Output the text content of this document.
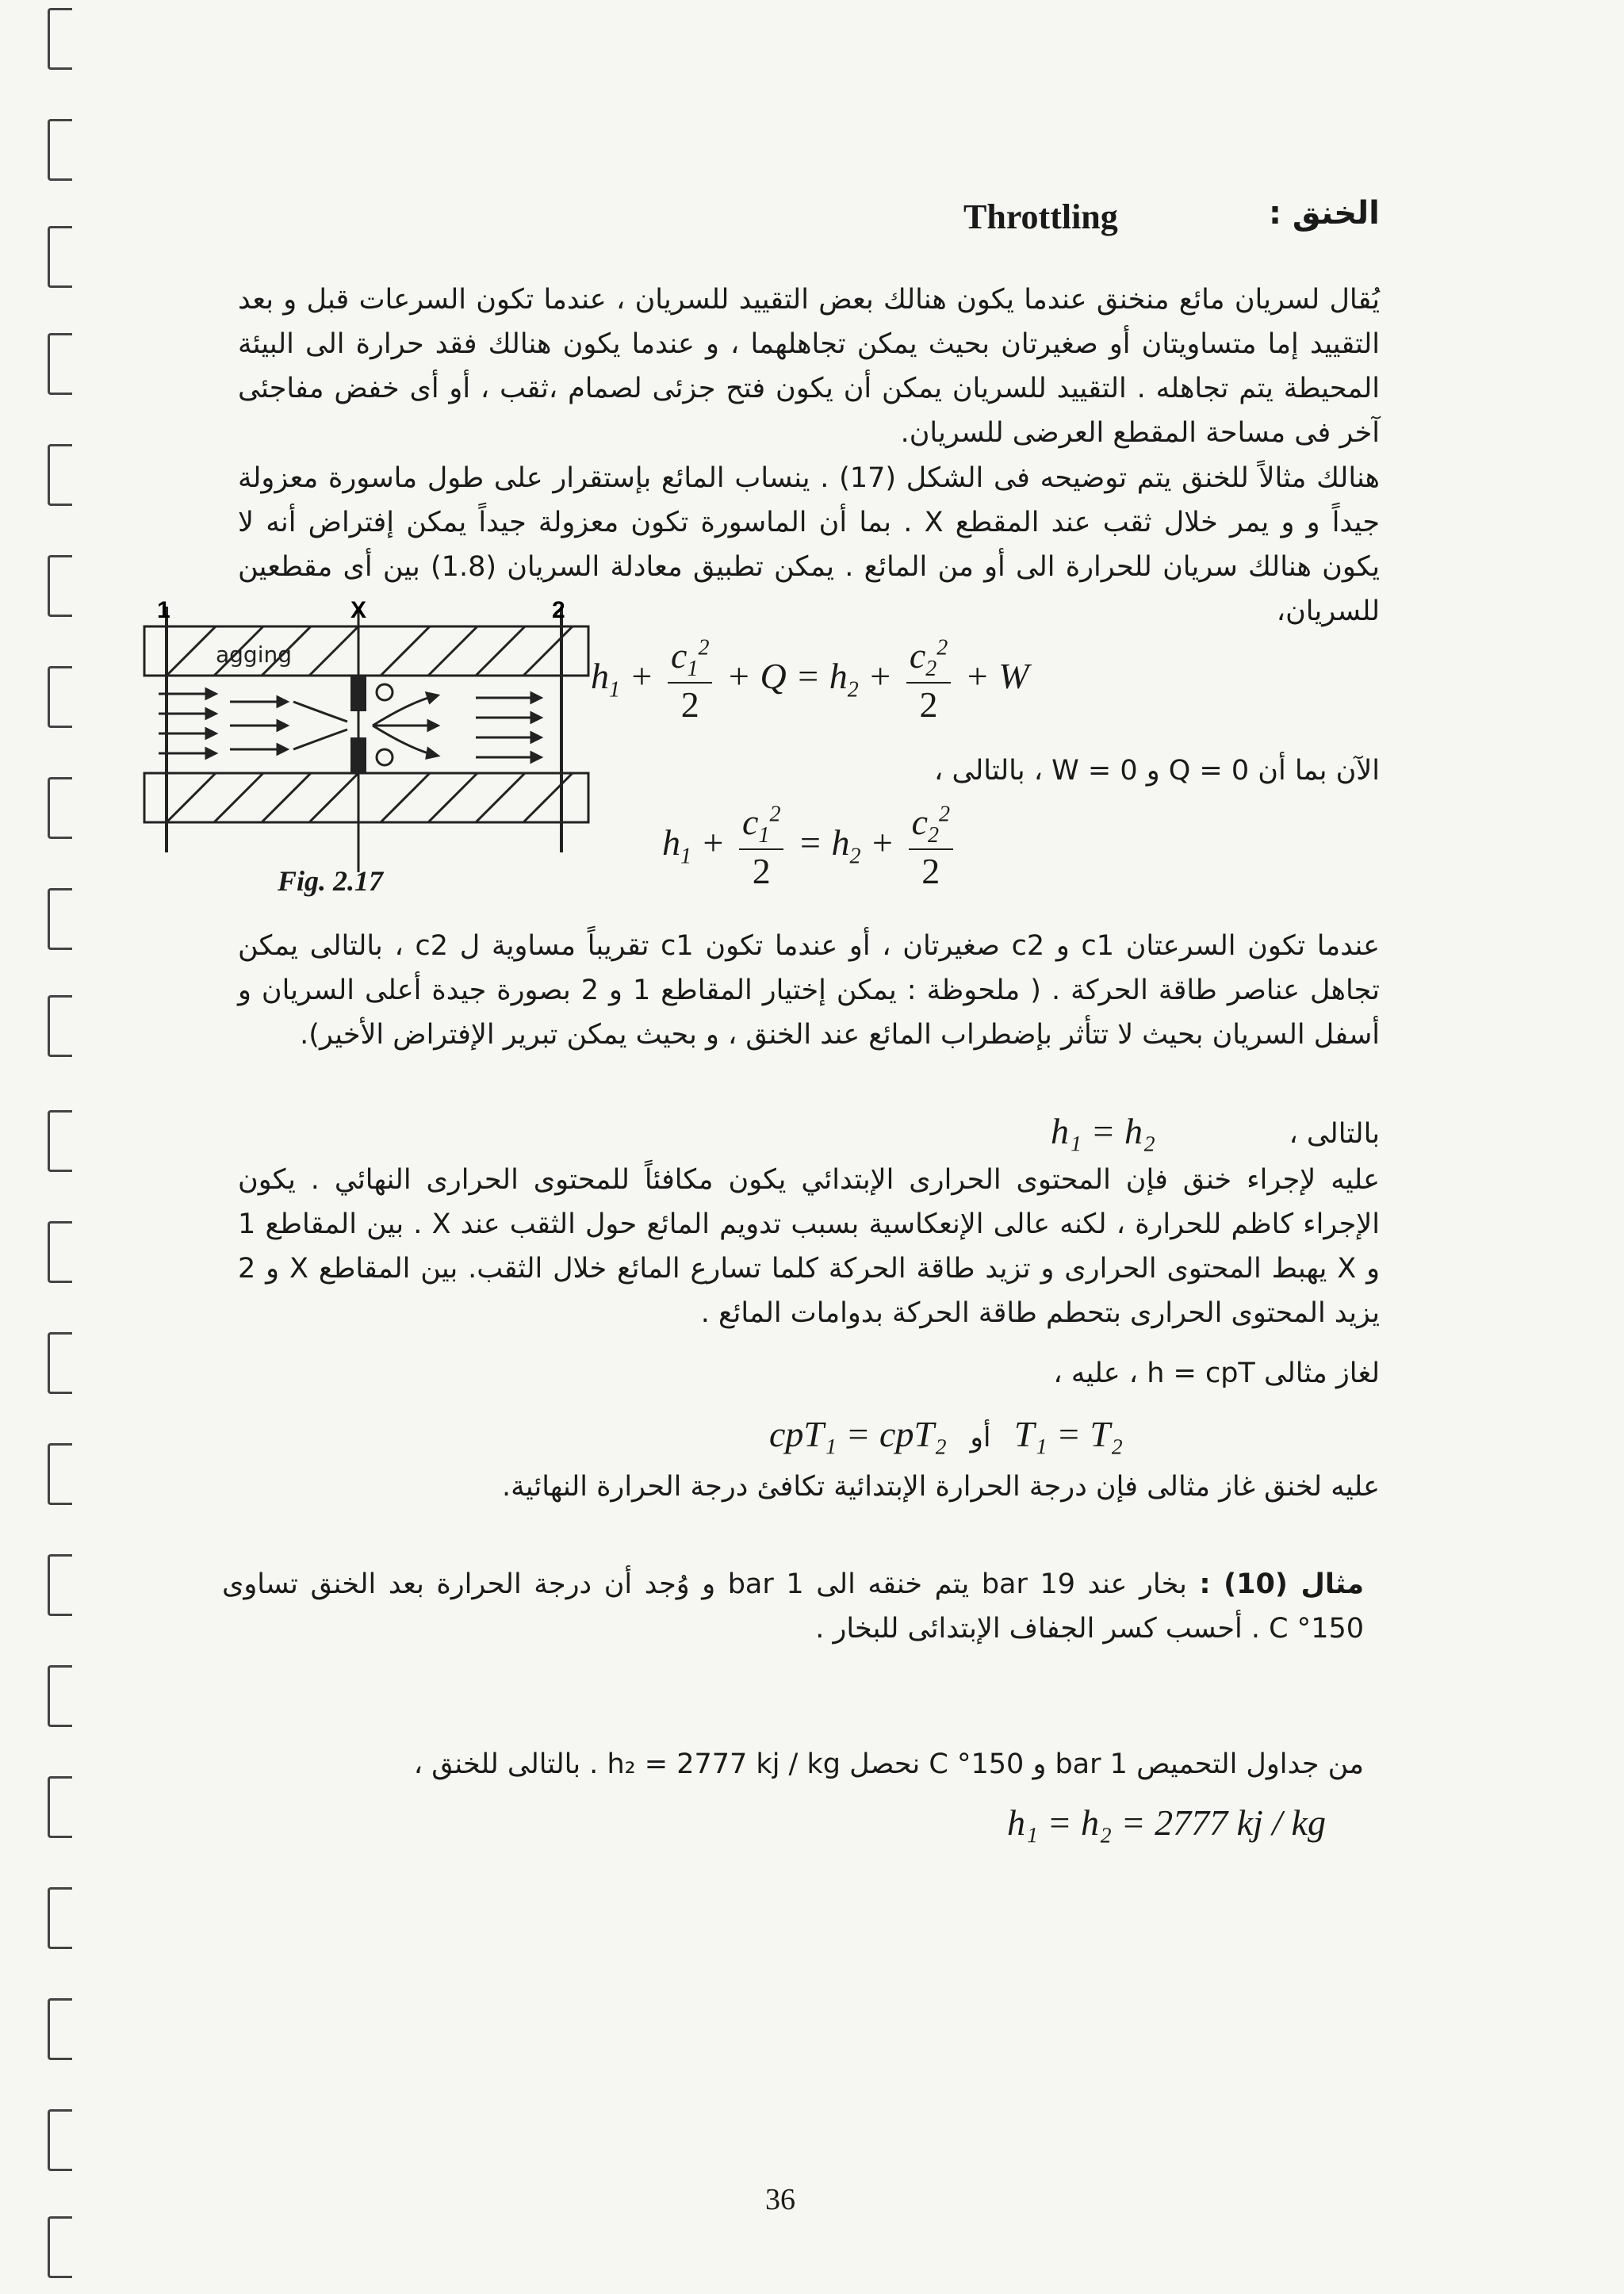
Throttling	الخنق :
يُقال لسريان مائع منخنق عندما يكون هنالك بعض التقييد للسريان ، عندما تكون السرعات قبل و بعد التقييد إما متساويتان أو صغيرتان بحيث يمكن تجاهلهما ، و عندما يكون هنالك فقد حرارة الى البيئة المحيطة يتم تجاهله . التقييد للسريان يمكن أن يكون فتح جزئى لصمام ،ثقب ، أو أى خفض مفاجئى آخر فى مساحة المقطع العرضى للسريان.
هنالك مثالاً للخنق يتم توضيحه فى الشكل (17) . ينساب المائع بإستقرار على طول ماسورة معزولة جيداً و و يمر خلال ثقب عند المقطع X . بما أن الماسورة تكون معزولة جيداً يمكن إفتراض أنه لا يكون هنالك سريان للحرارة الى أو من المائع . يمكن تطبيق معادلة السريان (1.8) بين أى مقطعين للسريان،
1	X	2
agging
Fig. 2.17
$h_1 + \frac{c_1^2}{2} + Q = h_2 + \frac{c_2^2}{2} + W$
الآن بما أن Q = 0 و W = 0 ، بالتالى ،
$h_1 + \frac{c_1^2}{2} = h_2 + \frac{c_2^2}{2}$
عندما تكون السرعتان c1 و c2 صغيرتان ، أو عندما تكون c1 تقريباً مساوية ل c2 ، بالتالى يمكن تجاهل عناصر طاقة الحركة . ( ملحوظة : يمكن إختيار المقاطع 1 و 2 بصورة جيدة أعلى السريان و أسفل السريان بحيث لا تتأثر بإضطراب المائع عند الخنق ، و بحيث يمكن تبرير الإفتراض الأخير).
بالتالى ،
h₁ = h₂
عليه لإجراء خنق فإن المحتوى الحرارى الإبتدائي يكون مكافئاً للمحتوى الحرارى النهائي . يكون الإجراء كاظم للحرارة ، لكنه عالى الإنعكاسية بسبب تدويم المائع حول الثقب عند X . بين المقاطع 1 و X يهبط المحتوى الحرارى و تزيد طاقة الحركة كلما تسارع المائع خلال الثقب. بين المقاطع X و 2 يزيد المحتوى الحرارى بتحطم طاقة الحركة بدوامات المائع .
لغاز مثالى h = cpT ، عليه ،
cpT₁ = cpT₂ أو T₁ = T₂
عليه لخنق غاز مثالى فإن درجة الحرارة الإبتدائية تكافئ درجة الحرارة النهائية.
مثال (10) : بخار عند 19 bar يتم خنقه الى 1 bar و وُجد أن درجة الحرارة بعد الخنق تساوى 150° C . أحسب كسر الجفاف الإبتدائى للبخار .
من جداول التحميص 1 bar و 150° C نحصل h₂ = 2777 kj / kg . بالتالى للخنق ،
h₁ = h₂ = 2777 kj / kg
36
